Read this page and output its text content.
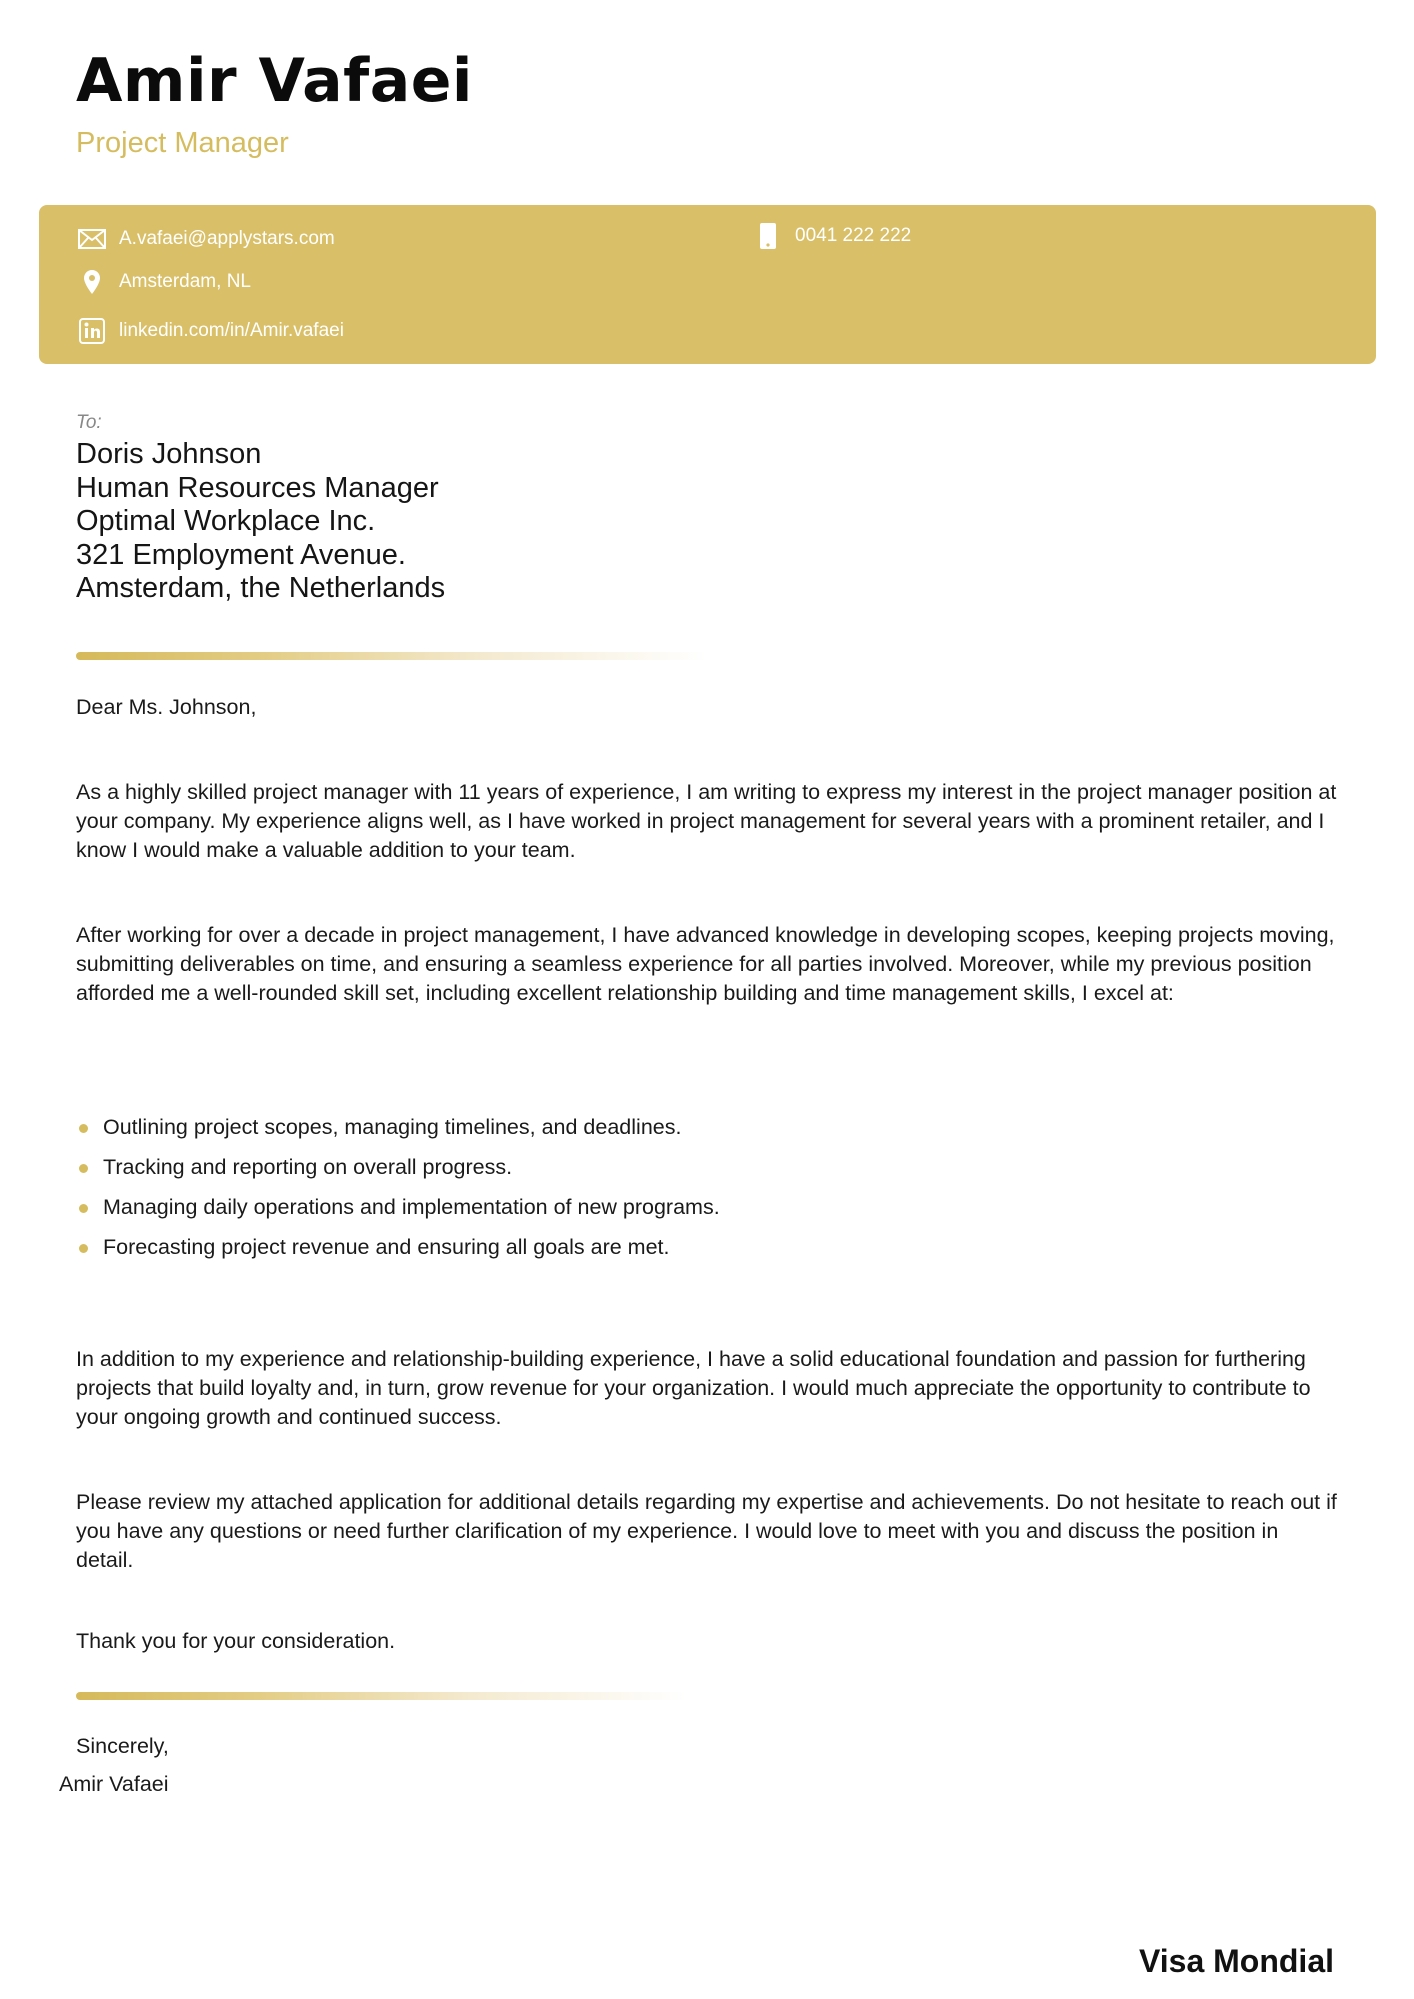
Amir Vafaei
Project Manager
A.vafaei@applystars.com
Amsterdam, NL
linkedin.com/in/Amir.vafaei
0041 222 222
To:
Doris Johnson
Human Resources Manager
Optimal Workplace Inc.
321 Employment Avenue.
Amsterdam, the Netherlands

Dear Ms. Johnson,

As a highly skilled project manager with 11 years of experience, I am writing to express my interest in the project manager position at your company. My experience aligns well, as I have worked in project management for several years with a prominent retailer, and I know I would make a valuable addition to your team.

After working for over a decade in project management, I have advanced knowledge in developing scopes, keeping projects moving, submitting deliverables on time, and ensuring a seamless experience for all parties involved. Moreover, while my previous position afforded me a well-rounded skill set, including excellent relationship building and time management skills, I excel at:

Outlining project scopes, managing timelines, and deadlines.
Tracking and reporting on overall progress.
Managing daily operations and implementation of new programs.
Forecasting project revenue and ensuring all goals are met.

In addition to my experience and relationship-building experience, I have a solid educational foundation and passion for furthering projects that build loyalty and, in turn, grow revenue for your organization. I would much appreciate the opportunity to contribute to your ongoing growth and continued success.

Please review my attached application for additional details regarding my expertise and achievements. Do not hesitate to reach out if you have any questions or need further clarification of my experience. I would love to meet with you and discuss the position in detail.

Thank you for your consideration.

Sincerely,
Amir Vafaei
Visa Mondial
